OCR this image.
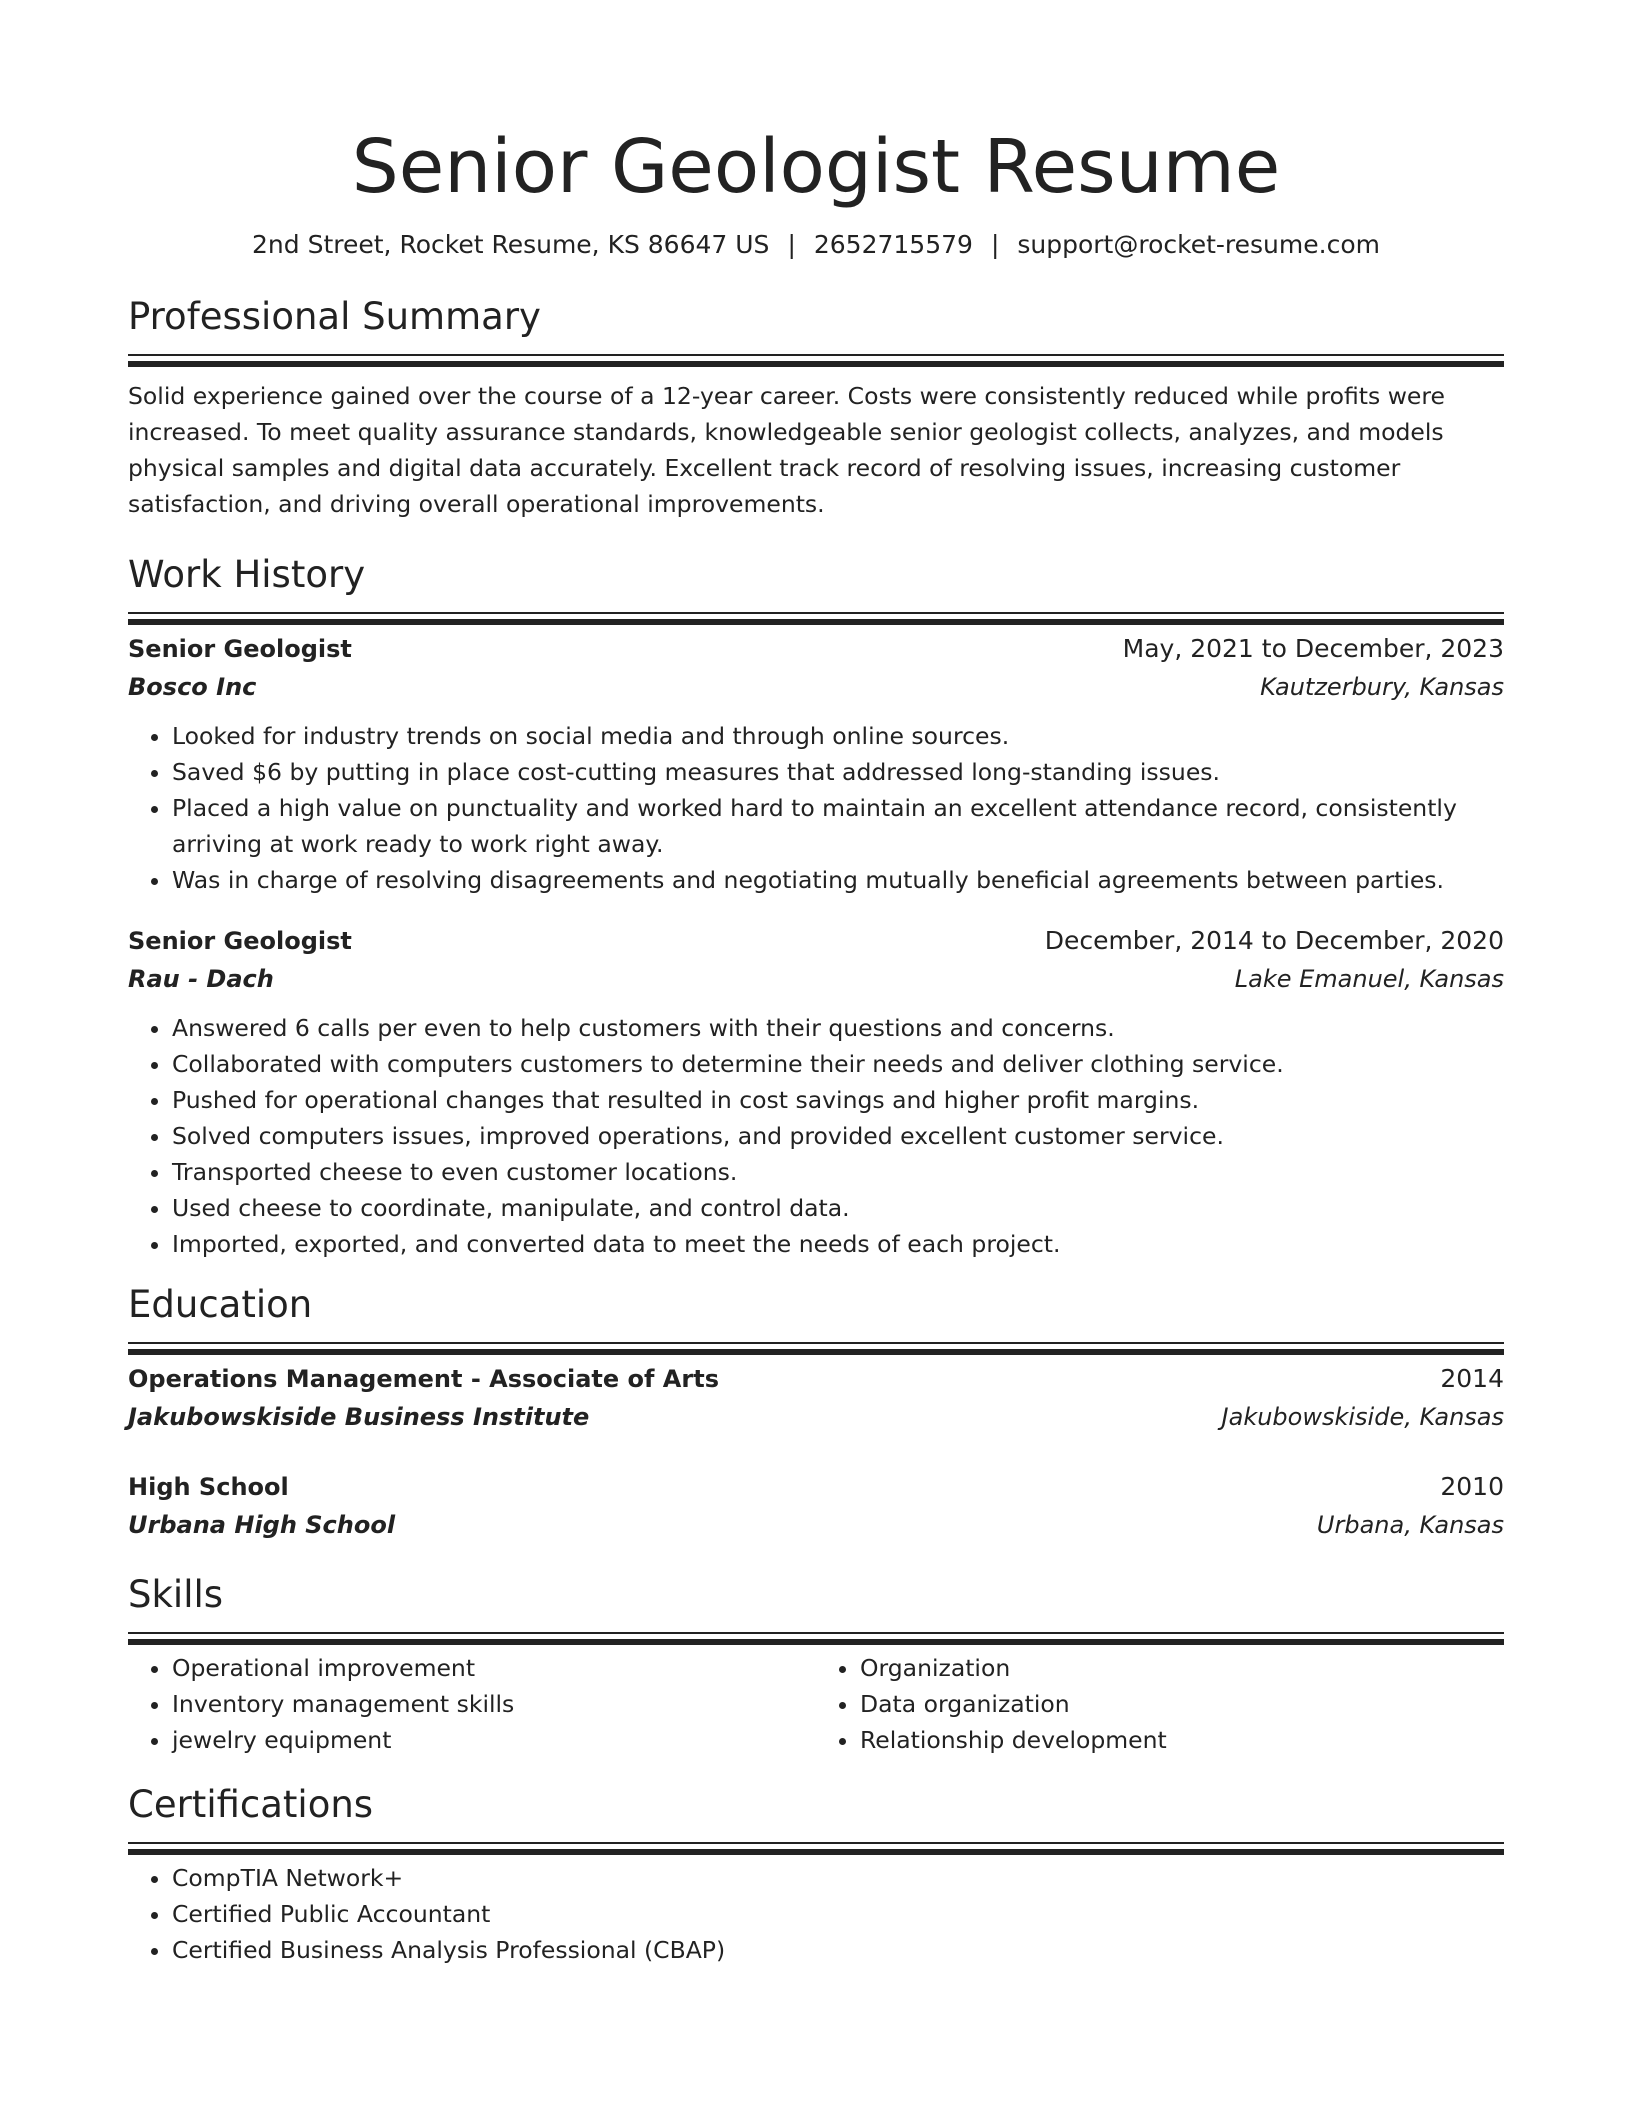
Senior Geologist Resume
2nd Street, Rocket Resume, KS 86647 US | 2652715579 | support@rocket-resume.com
Professional Summary

Solid experience gained over the course of a 12-year career. Costs were consistently reduced while profits were increased. To meet quality assurance standards, knowledgeable senior geologist collects, analyzes, and models physical samples and digital data accurately. Excellent track record of resolving issues, increasing customer satisfaction, and driving overall operational improvements.

Work History
Senior Geologist	May, 2021 to December, 2023
Bosco Inc	Kautzerbury, Kansas
• Looked for industry trends on social media and through online sources.
• Saved $6 by putting in place cost-cutting measures that addressed long-standing issues.
• Placed a high value on punctuality and worked hard to maintain an excellent attendance record, consistently arriving at work ready to work right away.
• Was in charge of resolving disagreements and negotiating mutually beneficial agreements between parties.
Senior Geologist	December, 2014 to December, 2020
Rau - Dach	Lake Emanuel, Kansas
• Answered 6 calls per even to help customers with their questions and concerns.
• Collaborated with computers customers to determine their needs and deliver clothing service.
• Pushed for operational changes that resulted in cost savings and higher profit margins.
• Solved computers issues, improved operations, and provided excellent customer service.
• Transported cheese to even customer locations.
• Used cheese to coordinate, manipulate, and control data.
• Imported, exported, and converted data to meet the needs of each project.
Education
Operations Management - Associate of Arts	2014
Jakubowskiside Business Institute	Jakubowskiside, Kansas
High School	2010
Urbana High School	Urbana, Kansas
Skills
• Operational improvement
• Inventory management skills
• jewelry equipment
• Organization
• Data organization
• Relationship development
Certifications
• CompTIA Network+
• Certified Public Accountant
• Certified Business Analysis Professional (CBAP)
